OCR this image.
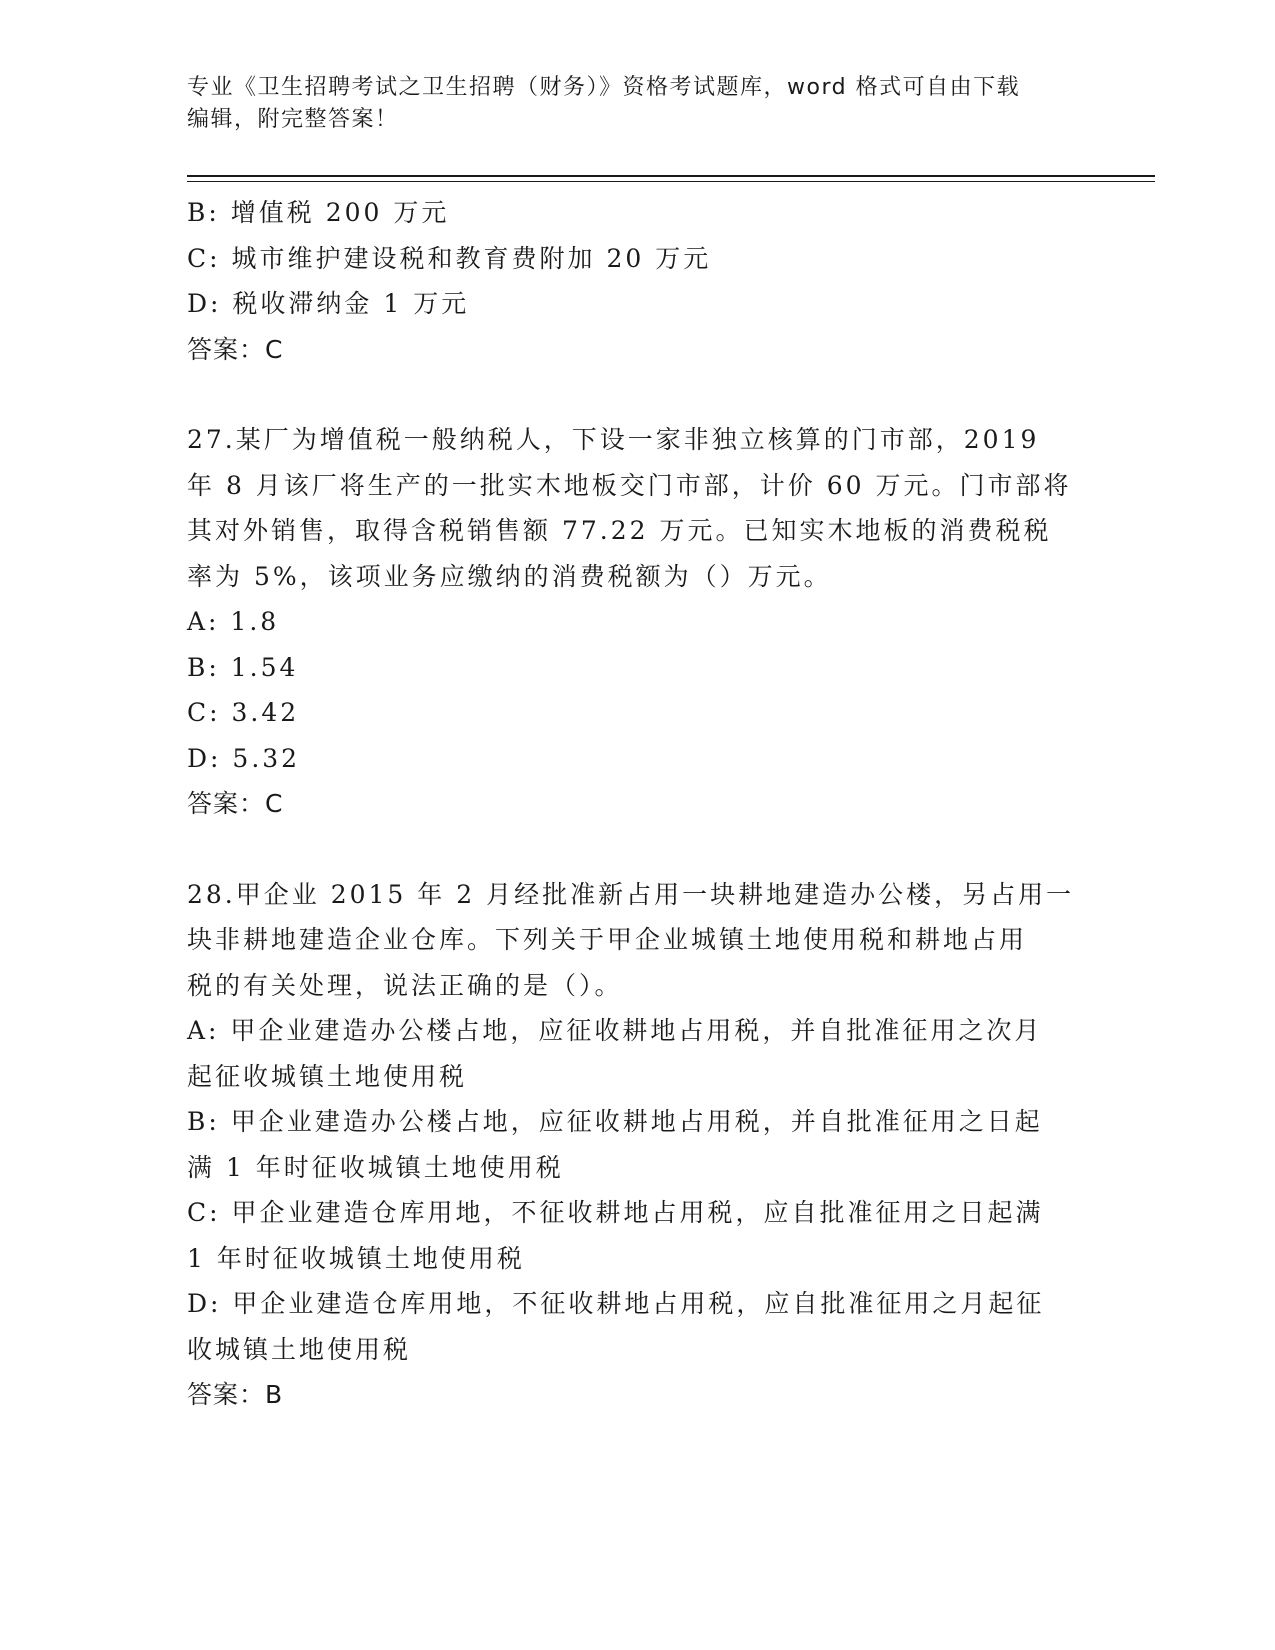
专业《卫生招聘考试之卫生招聘（财务）》资格考试题库，word 格式可自由下载

编辑，附完整答案！

B: 增值税 200 万元

C: 城市维护建设税和教育费附加 20 万元

D: 税收滞纳金 1 万元

答案：C

27.某厂为增值税一般纳税人，下设一家非独立核算的门市部，2019

年 8 月该厂将生产的一批实木地板交门市部，计价 60 万元。门市部将

其对外销售，取得含税销售额 77.22 万元。已知实木地板的消费税税

率为 5%，该项业务应缴纳的消费税额为（）万元。

A: 1.8

B: 1.54

C: 3.42

D: 5.32

答案：C

28.甲企业 2015 年 2 月经批准新占用一块耕地建造办公楼，另占用一

块非耕地建造企业仓库。下列关于甲企业城镇土地使用税和耕地占用

税的有关处理，说法正确的是（）。

A: 甲企业建造办公楼占地，应征收耕地占用税，并自批准征用之次月

起征收城镇土地使用税

B: 甲企业建造办公楼占地，应征收耕地占用税，并自批准征用之日起

满 1 年时征收城镇土地使用税

C: 甲企业建造仓库用地，不征收耕地占用税，应自批准征用之日起满

1 年时征收城镇土地使用税

D: 甲企业建造仓库用地，不征收耕地占用税，应自批准征用之月起征

收城镇土地使用税

答案：B
